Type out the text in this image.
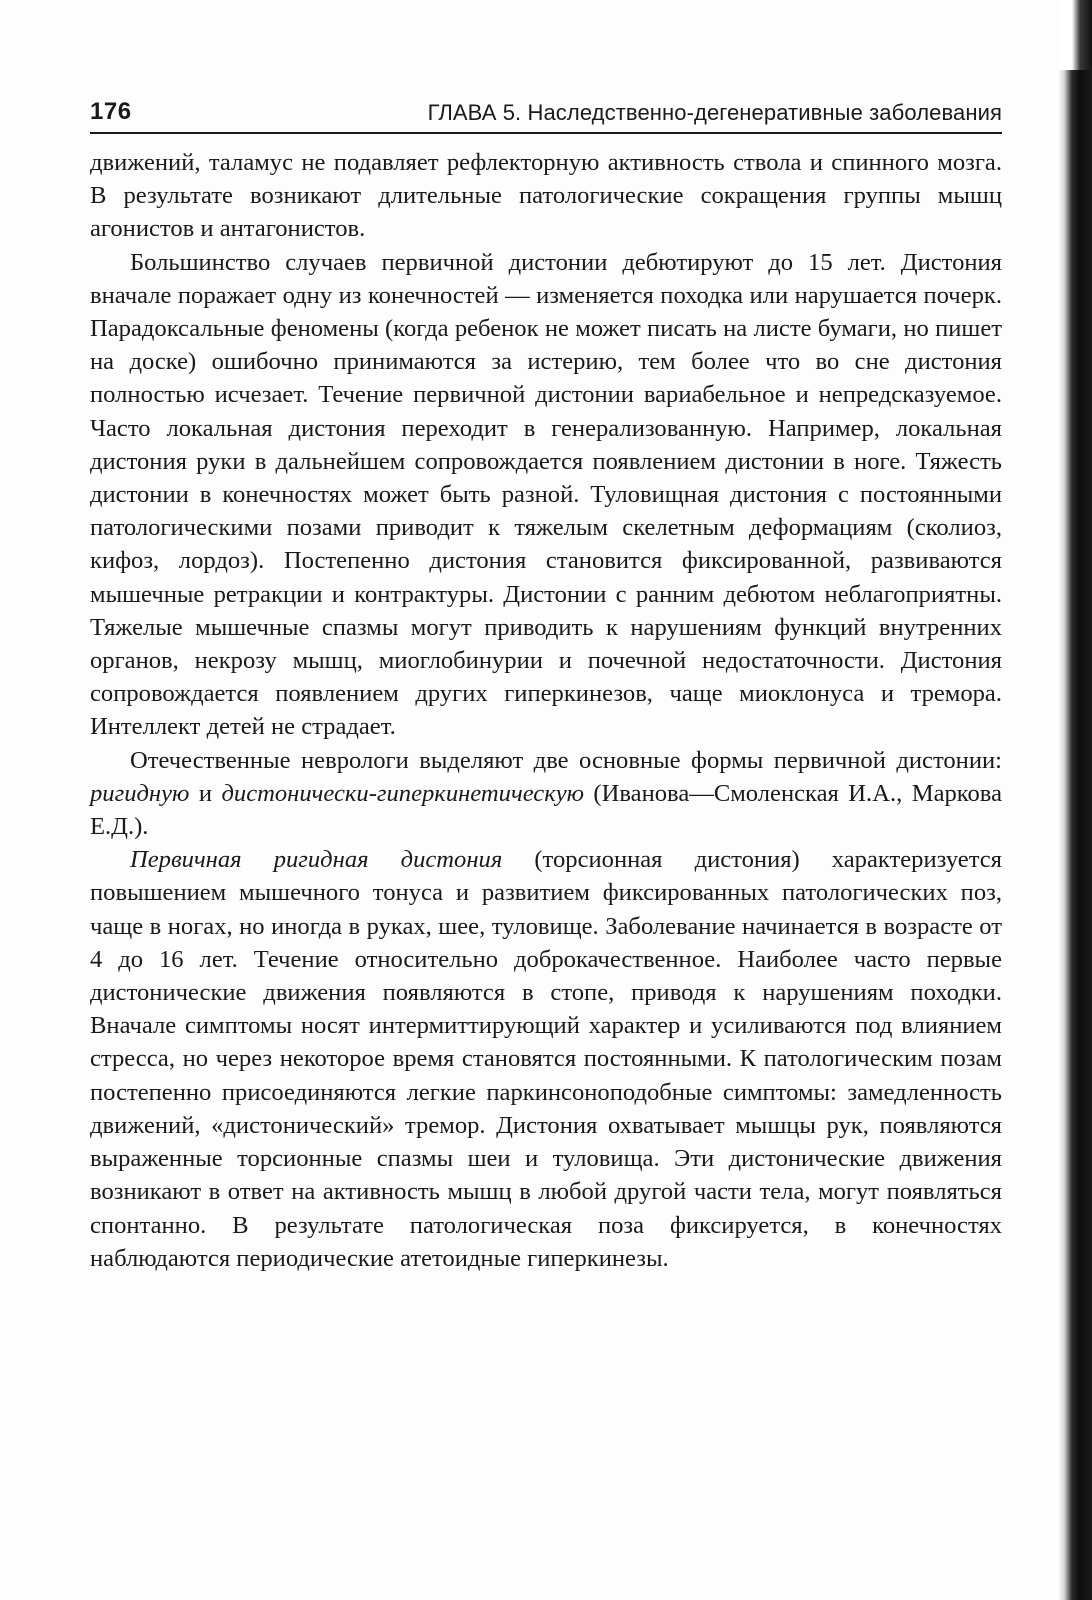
176	ГЛАВА 5. Наследственно-дегенеративные заболевания

движений, таламус не подавляет рефлекторную активность ствола и спинного мозга. В результате возникают длительные патологические сокращения группы мышц агонистов и антагонистов.

Большинство случаев первичной дистонии дебютируют до 15 лет. Дистония вначале поражает одну из конечностей — изменяется походка или нарушается почерк. Парадоксальные феномены (когда ребенок не может писать на листе бумаги, но пишет на доске) ошибочно принимаются за истерию, тем более что во сне дистония полностью исчезает. Течение первичной дистонии вариабельное и непредсказуемое. Часто локальная дистония переходит в генерализованную. Например, локальная дистония руки в дальнейшем сопровождается появлением дистонии в ноге. Тяжесть дистонии в конечностях может быть разной. Туловищная дистония с постоянными патологическими позами приводит к тяжелым скелетным деформациям (сколиоз, кифоз, лордоз). Постепенно дистония становится фиксированной, развиваются мышечные ретракции и контрактуры. Дистонии с ранним дебютом неблагоприятны. Тяжелые мышечные спазмы могут приводить к нарушениям функций внутренних органов, некрозу мышц, миоглобинурии и почечной недостаточности. Дистония сопровождается появлением других гиперкинезов, чаще миоклонуса и тремора. Интеллект детей не страдает.

Отечественные неврологи выделяют две основные формы первичной дистонии: ригидную и дистонически-гиперкинетическую (Иванова—Смоленская И.А., Маркова Е.Д.).

Первичная ригидная дистония (торсионная дистония) характеризуется повышением мышечного тонуса и развитием фиксированных патологических поз, чаще в ногах, но иногда в руках, шее, туловище. Заболевание начинается в возрасте от 4 до 16 лет. Течение относительно доброкачественное. Наиболее часто первые дистонические движения появляются в стопе, приводя к нарушениям походки. Вначале симптомы носят интермиттирующий характер и усиливаются под влиянием стресса, но через некоторое время становятся постоянными. К патологическим позам постепенно присоединяются легкие паркинсоноподобные симптомы: замедленность движений, «дистонический» тремор. Дистония охватывает мышцы рук, появляются выраженные торсионные спазмы шеи и туловища. Эти дистонические движения возникают в ответ на активность мышц в любой другой части тела, могут появляться спонтанно. В результате патологическая поза фиксируется, в конечностях наблюдаются периодические атетоидные гиперкинезы.
